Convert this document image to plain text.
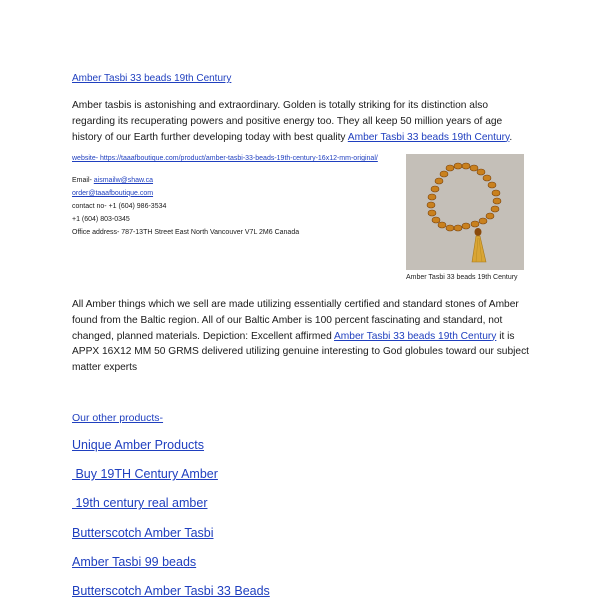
Amber Tasbi 33 beads 19th Century

Amber tasbis is astonishing and extraordinary. Golden is totally striking for its distinction also regarding its recuperating powers and positive energy too. They all keep 50 million years of age history of our Earth further developing today with best quality Amber Tasbi 33 beads 19th Century.

website- https://taaafboutique.com/product/amber-tasbi-33-beads-19th-century-16x12-mm-original/
Email- aismailw@shaw.ca
order@taaafboutique.com
contact no- +1 (604) 986-3534
+1 (604) 803-0345
Office address- 787-13TH Street East North Vancouver V7L 2M6 Canada
Amber Tasbi 33 beads 19th Century

All Amber things which we sell are made utilizing essentially certified and standard stones of Amber found from the Baltic region. All of our Baltic Amber is 100 percent fascinating and standard, not changed, planned materials. Depiction: Excellent affirmed Amber Tasbi 33 beads 19th Century it is APPX 16X12 MM 50 GRMS delivered utilizing genuine interesting to God globules toward our subject matter experts

Our other products-
Unique Amber Products
Buy 19TH Century Amber
19th century real amber
Butterscotch Amber Tasbi
Amber Tasbi 99 beads
Butterscotch Amber Tasbi 33 Beads
